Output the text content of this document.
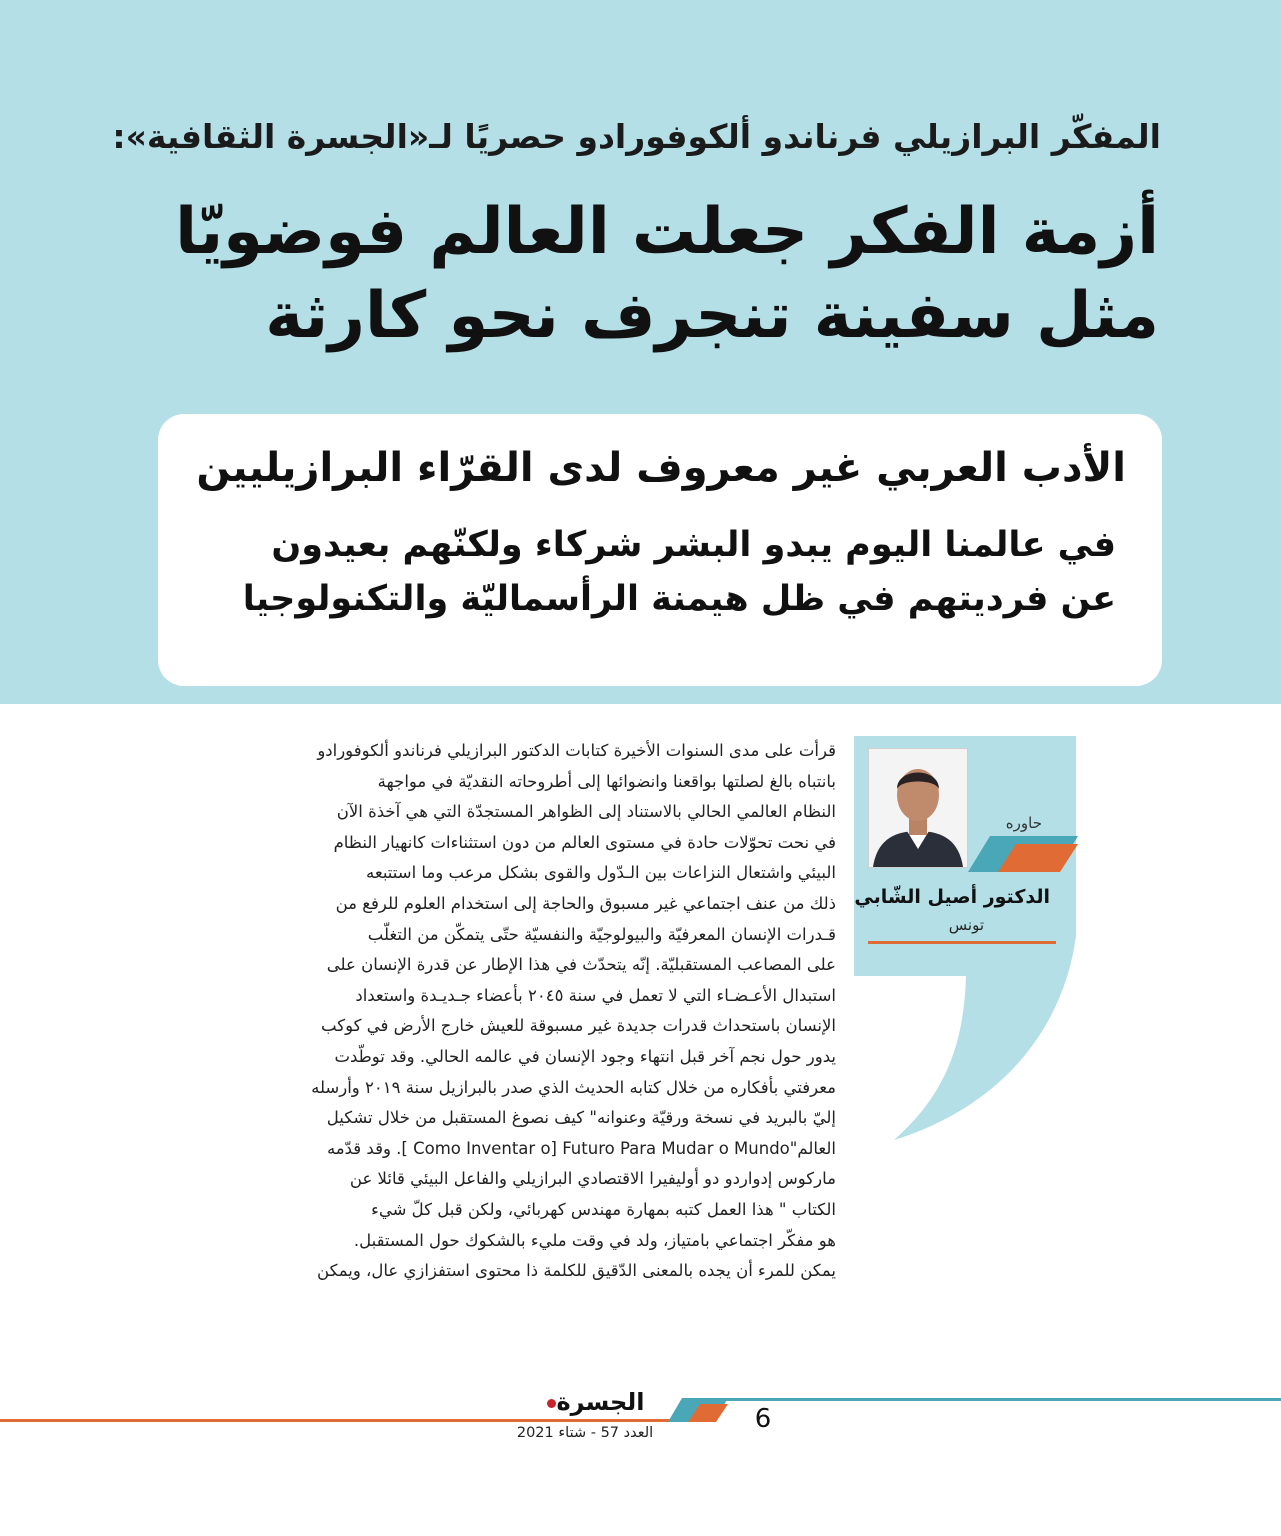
المفكّر البرازيلي فرناندو ألكوفورادو حصريًا لـ«الجسرة الثقافية»:
أزمة الفكر جعلت العالم فوضويّا
مثل سفينة تنجرف نحو كارثة
الأدب العربي غير معروف لدى القرّاء البرازيليين
في عالمنا اليوم يبدو البشر شركاء ولكنّهم بعيدون
عن فرديتهم في ظل هيمنة الرأسماليّة والتكنولوجيا
حاوره
الدكتور أصيل الشّابي
تونس
قرأت على مدى السنوات الأخيرة كتابات الدكتور البرازيلي فرناندو ألكوفورادو
بانتباه بالغ لصلتها بواقعنا وانضوائها إلى أطروحاته النقديّة في مواجهة
النظام العالمي الحالي بالاستناد إلى الظواهر المستجدّة التي هي آخذة الآن
في نحت تحوّلات حادة في مستوى العالم من دون استثناءات كانهيار النظام
البيئي واشتعال النزاعات بين الـدّول والقوى بشكل مرعب وما استتبعه
ذلك من عنف اجتماعي غير مسبوق والحاجة إلى استخدام العلوم للرفع من
قـدرات الإنسان المعرفيّة والبيولوجيّة والنفسيّة حتّى يتمكّن من التغلّب
على المصاعب المستقبليّة. إنّه يتحدّث في هذا الإطار عن قدرة الإنسان على
استبدال الأعـضـاء التي لا تعمل في سنة ٢٠٤٥ بأعضاء جـديـدة واستعداد
الإنسان باستحداث قدرات جديدة غير مسبوقة للعيش خارج الأرض في كوكب
يدور حول نجم آخر قبل انتهاء وجود الإنسان في عالمه الحالي. وقد توطّدت
معرفتي بأفكاره من خلال كتابه الحديث الذي صدر بالبرازيل سنة ٢٠١٩ وأرسله
إليّ بالبريد في نسخة ورقيّة وعنوانه" كيف نصوغ المستقبل من خلال تشكيل
العالم"Como Inventar o] Futuro Para Mudar o Mundo ]. وقد قدّمه
ماركوس إدواردو دو أوليفيرا الاقتصادي البرازيلي والفاعل البيئي قائلا عن
الكتاب " هذا العمل كتبه بمهارة مهندس كهربائي، ولكن قبل كلّ شيء
هو مفكّر اجتماعي بامتياز، ولد في وقت مليء بالشكوك حول المستقبل.
يمكن للمرء أن يجده بالمعنى الدّقيق للكلمة ذا محتوى استفزازي عال، ويمكن
6
الجسرة
العدد 57 - شتاء 2021
